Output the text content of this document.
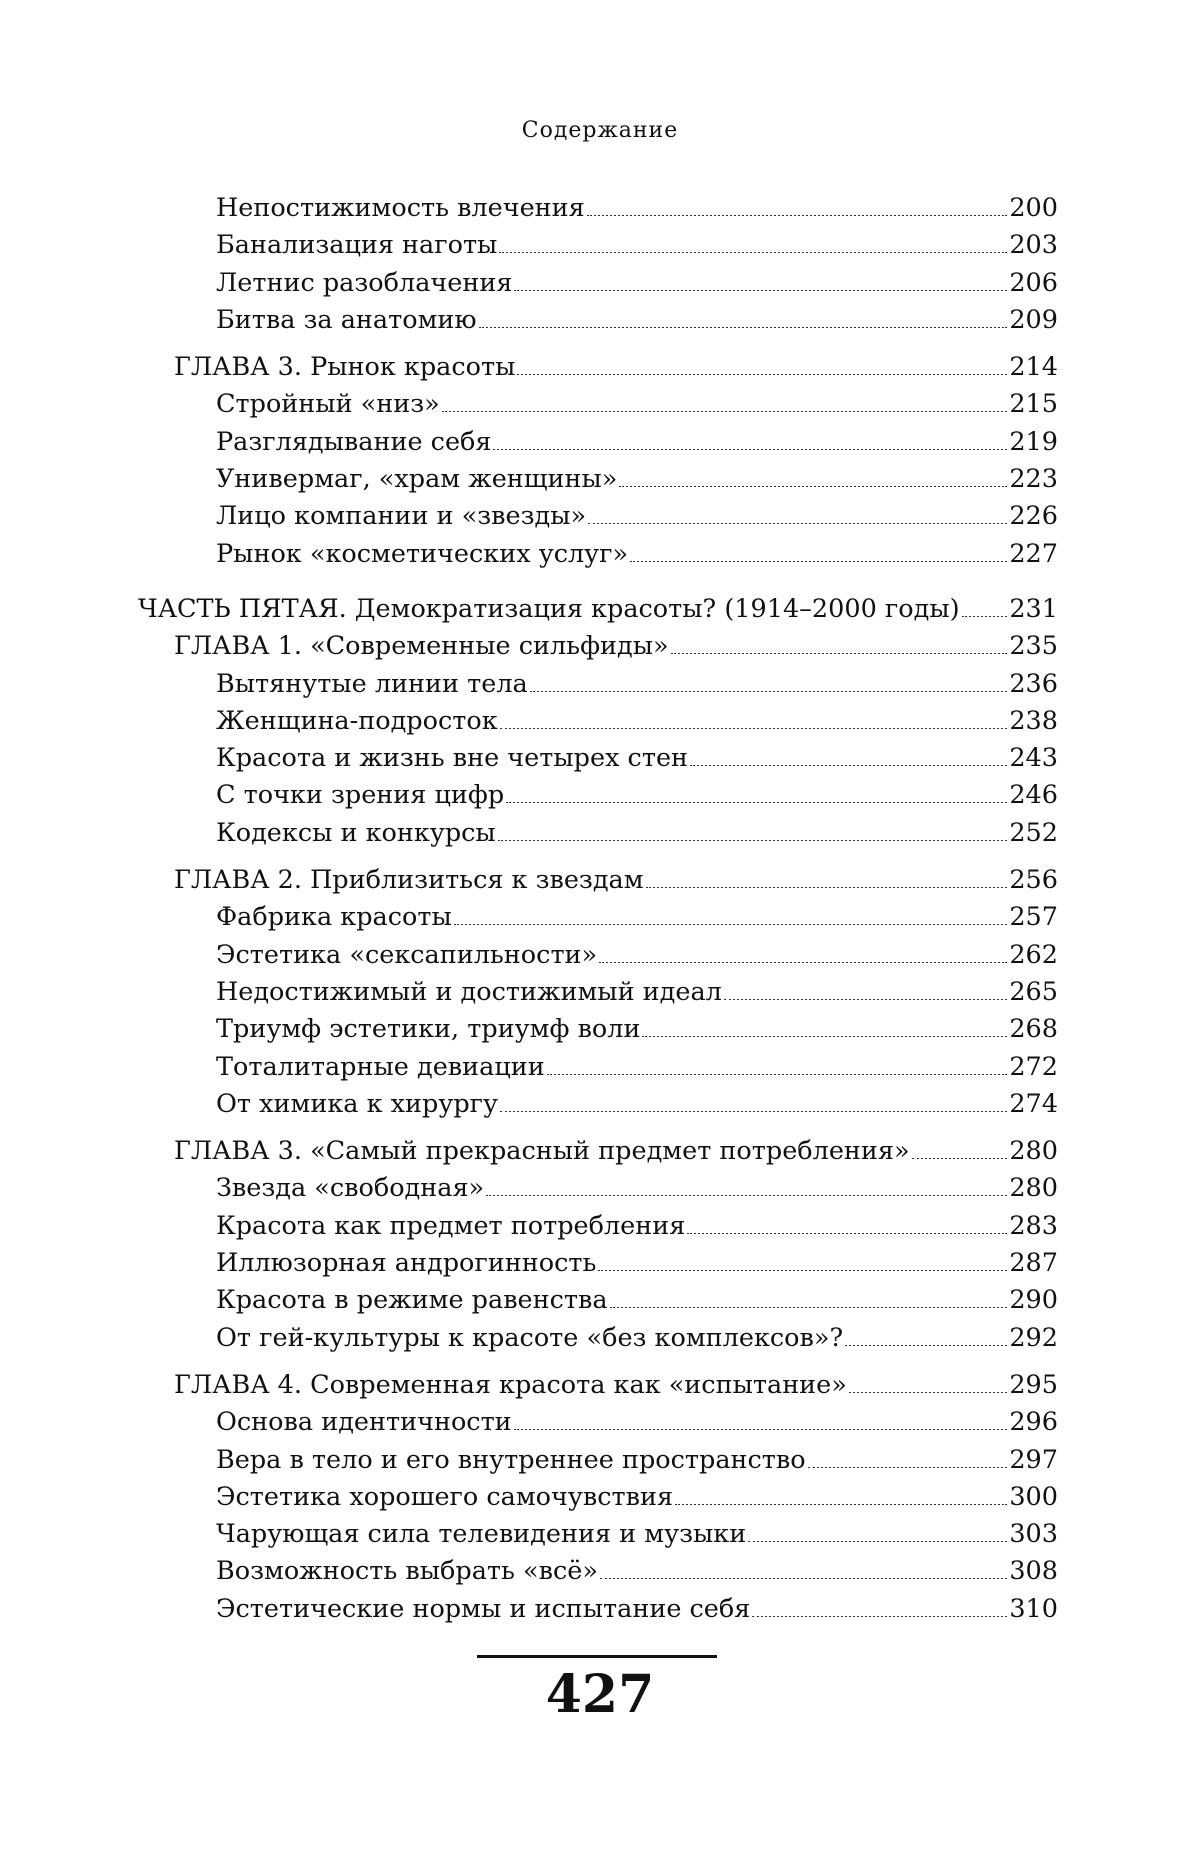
Содержание
Непостижимость влечения	200
Банализация наготы	203
Летнис разоблачения	206
Битва за анатомию	209
ГЛАВА 3. Рынок красоты	214
Стройный «низ»	215
Разглядывание себя	219
Универмаг, «храм женщины»	223
Лицо компании и «звезды»	226
Рынок «косметических услуг»	227
ЧАСТЬ ПЯТАЯ. Демократизация красоты? (1914–2000 годы) 231
ГЛАВА 1. «Современные сильфиды»	235
Вытянутые линии тела	236
Женщина-подросток	238
Красота и жизнь вне четырех стен	243
С точки зрения цифр	246
Кодексы и конкурсы	252
ГЛАВА 2. Приблизиться к звездам	256
Фабрика красоты	257
Эстетика «сексапильности»	262
Недостижимый и достижимый идеал	265
Триумф эстетики, триумф воли	268
Тоталитарные девиации	272
От химика к хирургу	274
ГЛАВА 3. «Самый прекрасный предмет потребления»	280
Звезда «свободная»	280
Красота как предмет потребления	283
Иллюзорная андрогинность	287
Красота в режиме равенства	290
От гей-культуры к красоте «без комплексов»?	292
ГЛАВА 4. Современная красота как «испытание»	295
Основа идентичности	296
Вера в тело и его внутреннее пространство	297
Эстетика хорошего самочувствия	300
Чарующая сила телевидения и музыки	303
Возможность выбрать «всё»	308
Эстетические нормы и испытание себя	310
427
